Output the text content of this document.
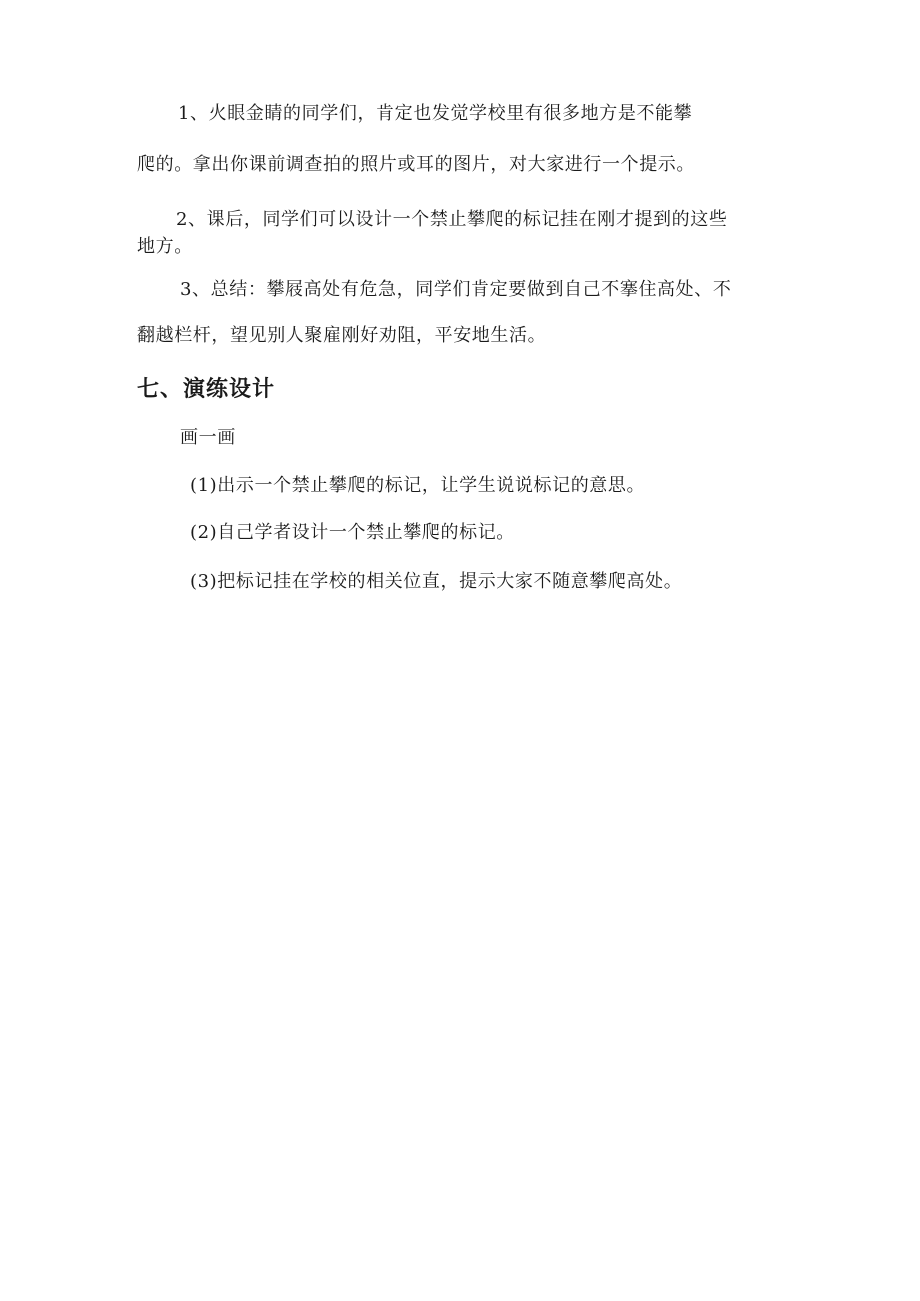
1、火眼金睛的同学们，肯定也发觉学校里有很多地方是不能攀
爬的。拿出你课前调查拍的照片或耳的图片，对大家进行一个提示。
2、课后，同学们可以设计一个禁止攀爬的标记挂在刚才提到的这些
地方。
3、总结：攀屐高处有危急，同学们肯定要做到自己不搴住高处、不
翻越栏杆，望见别人聚雇刚好劝阻，平安地生活。
七、演练设计
画一画
(1)出示一个禁止攀爬的标记，让学生说说标记的意思。
(2)自己学者设计一个禁止攀爬的标记。
(3)把标记挂在学校的相关位直，提示大家不随意攀爬高处。
